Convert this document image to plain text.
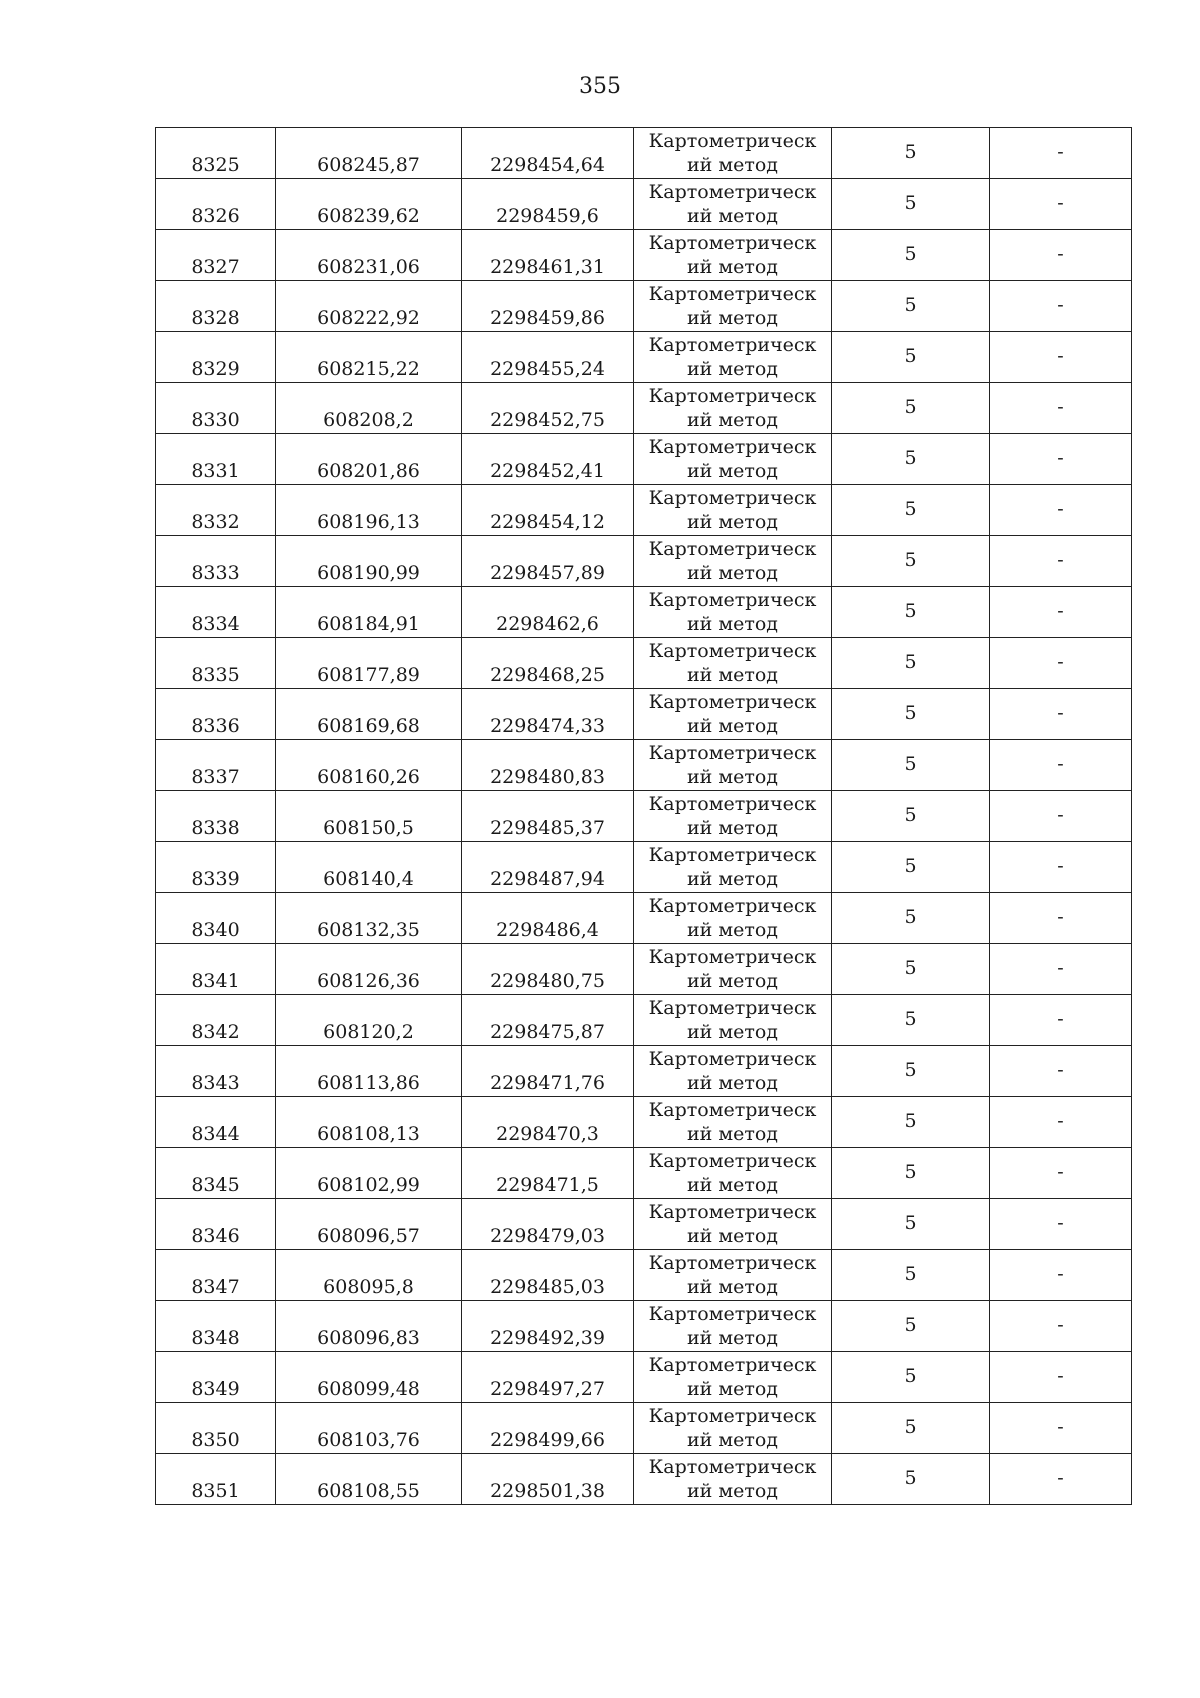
355
8325	608245,87	2298454,64	Картометрический метод	5	-
8326	608239,62	2298459,6	Картометрический метод	5	-
8327	608231,06	2298461,31	Картометрический метод	5	-
8328	608222,92	2298459,86	Картометрический метод	5	-
8329	608215,22	2298455,24	Картометрический метод	5	-
8330	608208,2	2298452,75	Картометрический метод	5	-
8331	608201,86	2298452,41	Картометрический метод	5	-
8332	608196,13	2298454,12	Картометрический метод	5	-
8333	608190,99	2298457,89	Картометрический метод	5	-
8334	608184,91	2298462,6	Картометрический метод	5	-
8335	608177,89	2298468,25	Картометрический метод	5	-
8336	608169,68	2298474,33	Картометрический метод	5	-
8337	608160,26	2298480,83	Картометрический метод	5	-
8338	608150,5	2298485,37	Картометрический метод	5	-
8339	608140,4	2298487,94	Картометрический метод	5	-
8340	608132,35	2298486,4	Картометрический метод	5	-
8341	608126,36	2298480,75	Картометрический метод	5	-
8342	608120,2	2298475,87	Картометрический метод	5	-
8343	608113,86	2298471,76	Картометрический метод	5	-
8344	608108,13	2298470,3	Картометрический метод	5	-
8345	608102,99	2298471,5	Картометрический метод	5	-
8346	608096,57	2298479,03	Картометрический метод	5	-
8347	608095,8	2298485,03	Картометрический метод	5	-
8348	608096,83	2298492,39	Картометрический метод	5	-
8349	608099,48	2298497,27	Картометрический метод	5	-
8350	608103,76	2298499,66	Картометрический метод	5	-
8351	608108,55	2298501,38	Картометрический метод	5	-
